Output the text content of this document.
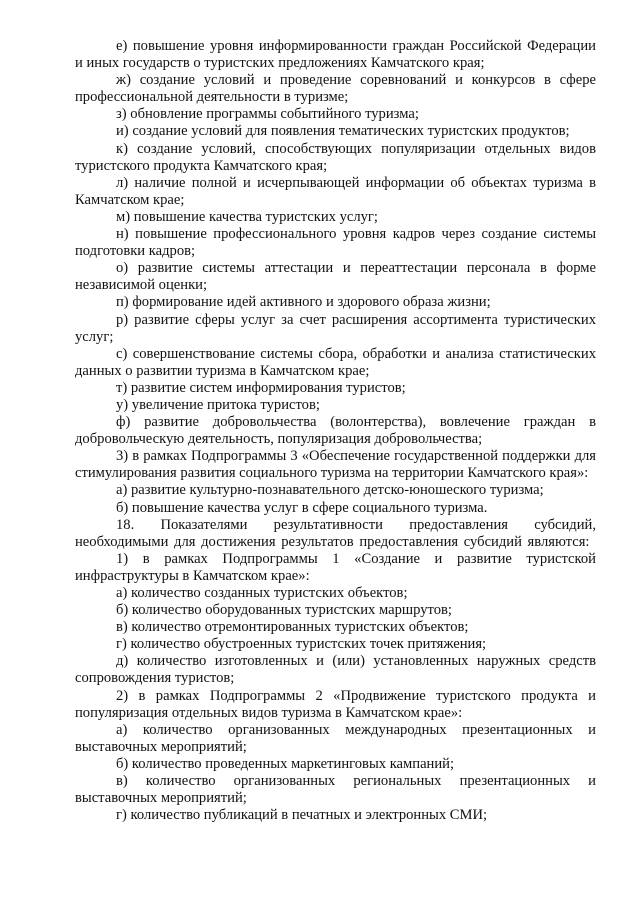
е) повышение уровня информированности граждан Российской Федерации и иных государств о туристских предложениях Камчатского края;

ж) создание условий и проведение соревнований и конкурсов в сфере профессиональной деятельности в туризме;

з) обновление программы событийного туризма;

и) создание условий для появления тематических туристских продуктов;

к) создание условий, способствующих популяризации отдельных видов туристского продукта Камчатского края;

л) наличие полной и исчерпывающей информации об объектах туризма в Камчатском крае;

м) повышение качества туристских услуг;

н) повышение профессионального уровня кадров через создание системы подготовки кадров;

о) развитие системы аттестации и переаттестации персонала в форме независимой оценки;

п) формирование идей активного и здорового образа жизни;

р) развитие сферы услуг за счет расширения ассортимента туристических услуг;

с) совершенствование системы сбора, обработки и анализа статистических данных о развитии туризма в Камчатском крае;

т) развитие систем информирования туристов;

у) увеличение притока туристов;

ф) развитие добровольчества (волонтерства), вовлечение граждан в добровольческую деятельность, популяризация добровольчества;

3) в рамках Подпрограммы 3 «Обеспечение государственной поддержки для стимулирования развития социального туризма на территории Камчатского края»:

а) развитие культурно-познавательного детско-юношеского туризма;

б) повышение качества услуг в сфере социального туризма.

18. Показателями результативности предоставления субсидий, необходимыми для достижения результатов предоставления субсидий являются:

1) в рамках Подпрограммы 1 «Создание и развитие туристской инфраструктуры в Камчатском крае»:

а) количество созданных туристских объектов;

б) количество оборудованных туристских маршрутов;

в) количество отремонтированных туристских объектов;

г) количество обустроенных туристских точек притяжения;

д) количество изготовленных и (или) установленных наружных средств сопровождения туристов;

2) в рамках Подпрограммы 2 «Продвижение туристского продукта и популяризация отдельных видов туризма в Камчатском крае»:

а) количество организованных международных презентационных и выставочных мероприятий;

б) количество проведенных маркетинговых кампаний;

в) количество организованных региональных презентационных и выставочных мероприятий;

г) количество публикаций в печатных и электронных СМИ;
